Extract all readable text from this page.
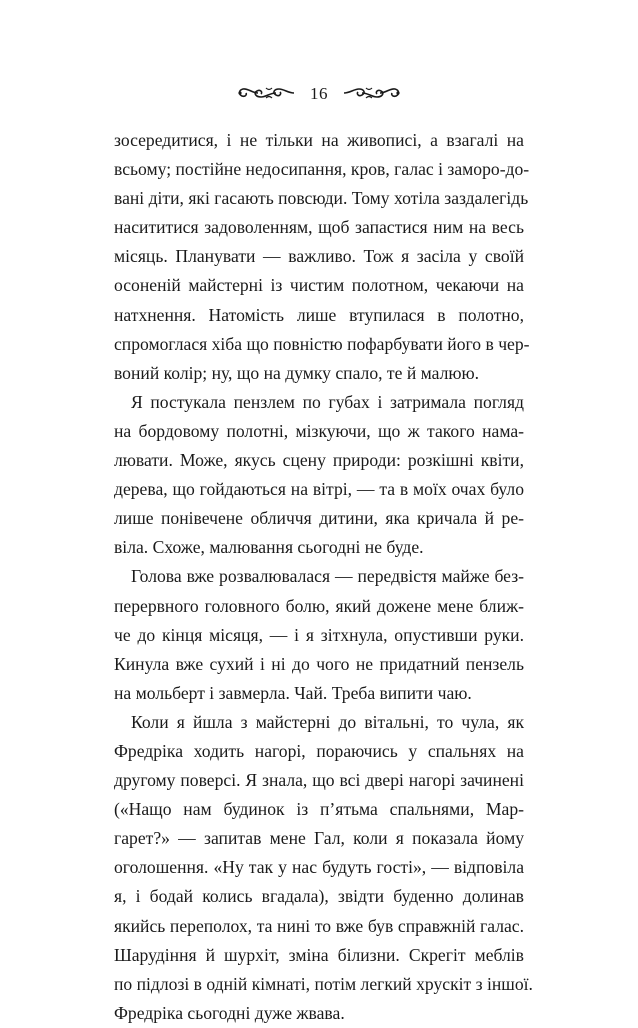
16
зосередитися, і не тільки на живописі, а взагалі на
всьому; постійне недосипання, кров, галас і заморо-до-
вані діти, які гасають повсюди. Тому хотіла заздалегідь
насититися задоволенням, щоб запастися ним на весь
місяць. Планувати — важливо. Тож я засіла у своїй
осоненій майстерні із чистим полотном, чекаючи на
натхнення. Натомість лише втупилася в полотно,
спромоглася хіба що повністю пофарбувати його в чер-
воний колір; ну, що на думку спало, те й малюю.
Я постукала пензлем по губах і затримала погляд
на бордовому полотні, мізкуючи, що ж такого нама-
лювати. Може, якусь сцену природи: розкішні квіти,
дерева, що гойдаються на вітрі, — та в моїх очах було
лише понівечене обличчя дитини, яка кричала й ре-
віла. Схоже, малювання сьогодні не буде.
Голова вже розвалювалася — передвістя майже без-
перервного головного болю, який дожене мене ближ-
че до кінця місяця, — і я зітхнула, опустивши руки.
Кинула вже сухий і ні до чого не придатний пензель
на мольберт і завмерла. Чай. Треба випити чаю.
Коли я йшла з майстерні до вітальні, то чула, як
Фредріка ходить нагорі, пораючись у спальнях на
другому поверсі. Я знала, що всі двері нагорі зачинені
(«Нащо нам будинок із п’ятьма спальнями, Мар-
гарет?» — запитав мене Гал, коли я показала йому
оголошення. «Ну так у нас будуть гості», — відповіла
я, і бодай колись вгадала), звідти буденно долинав
якийсь переполох, та нині то вже був справжній галас.
Шарудіння й шурхіт, зміна білизни. Скрегіт меблів
по підлозі в одній кімнаті, потім легкий хрускіт з іншої.
Фредріка сьогодні дуже жвава.
